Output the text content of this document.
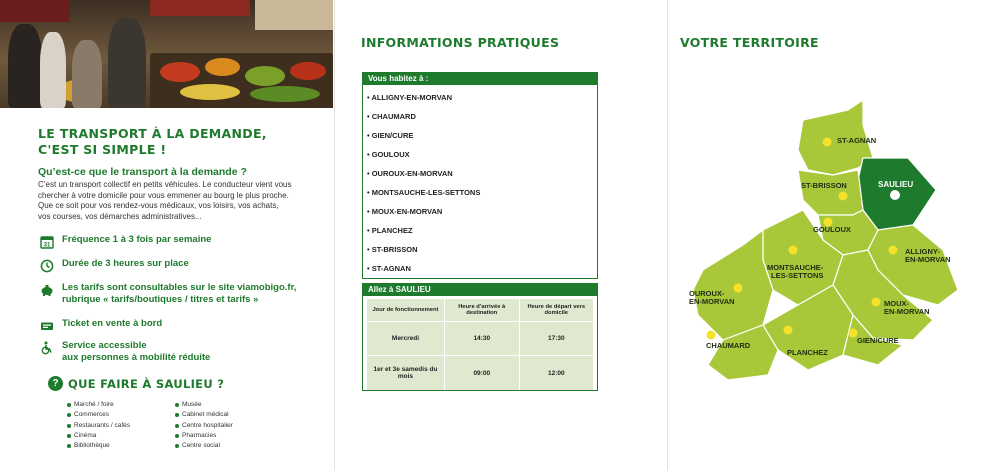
LE TRANSPORT À LA DEMANDE,
C'EST SI SIMPLE !
Qu’est-ce que le transport à la demande ?
C’est un transport collectif en petits véhicules. Le conducteur vient vous chercher à votre domicile pour vous emmener au bourg le plus proche. Que ce soit pour vos rendez-vous médicaux, vos loisirs, vos achats, vos courses, vos démarches administratives...
31
Fréquence 1 à 3 fois par semaine
Durée de 3 heures sur place
Les tarifs sont consultables sur le site viamobigo.fr,
rubrique « tarifs/boutiques / titres et tarifs »
Ticket en vente à bord
Service accessible
aux personnes à mobilité réduite
? QUE FAIRE À SAULIEU ?
Marché / foire
Commerces
Restaurants / cafés
Cinéma
Bibliothèque
Musée
Cabinet médical
Centre hospitalier
Pharmacies
Centre social
INFORMATIONS PRATIQUES
Vous habitez à :
• ALLIGNY-EN-MORVAN
• CHAUMARD
• GIEN/CURE
• GOULOUX
• OUROUX-EN-MORVAN
• MONTSAUCHE-LES-SETTONS
• MOUX-EN-MORVAN
• PLANCHEZ
• ST-BRISSON
• ST-AGNAN
Allez à SAULIEU
Jour de fonctionnement	Heure d’arrivée à destination	Heure de départ vers domicile
Mercredi	14:30	17:30
1er et 3e samedis du mois	09:00	12:00
VOTRE TERRITOIRE
ST-AGNAN
SAULIEU
ST-BRISSON
GOULOUX
ALLIGNY-
EN-MORVAN
MONTSAUCHE-
LES-SETTONS
OUROUX-
EN-MORVAN	MOUX-
EN-MORVAN
GIEN/CURE
CHAUMARD
PLANCHEZ
